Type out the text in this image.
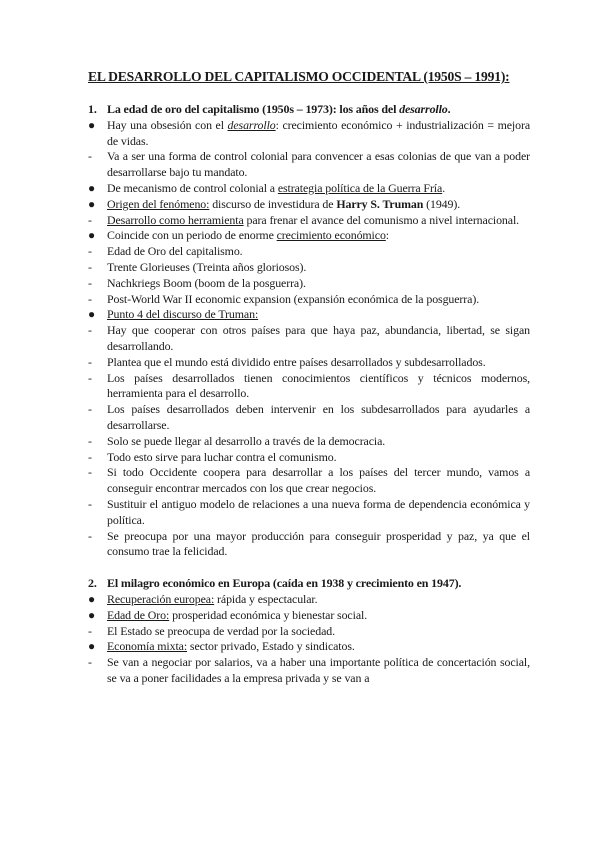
EL DESARROLLO DEL CAPITALISMO OCCIDENTAL (1950S – 1991):
1. La edad de oro del capitalismo (1950s – 1973): los años del desarrollo.
●	Hay una obsesión con el desarrollo: crecimiento económico + industrialización = mejora de vidas.
-	Va a ser una forma de control colonial para convencer a esas colonias de que van a poder desarrollarse bajo tu mandato.
●	De mecanismo de control colonial a estrategia política de la Guerra Fría.
●	Origen del fenómeno: discurso de investidura de Harry S. Truman (1949).
-	Desarrollo como herramienta para frenar el avance del comunismo a nivel internacional.
●	Coincide con un periodo de enorme crecimiento económico:
-	Edad de Oro del capitalismo.
-	Trente Glorieuses (Treinta años gloriosos).
-	Nachkriegs Boom (boom de la posguerra).
-	Post-World War II economic expansion (expansión económica de la posguerra).
●	Punto 4 del discurso de Truman:
-	Hay que cooperar con otros países para que haya paz, abundancia, libertad, se sigan desarrollando.
-	Plantea que el mundo está dividido entre países desarrollados y subdesarrollados.
-	Los países desarrollados tienen conocimientos científicos y técnicos modernos, herramienta para el desarrollo.
-	Los países desarrollados deben intervenir en los subdesarrollados para ayudarles a desarrollarse.
-	Solo se puede llegar al desarrollo a través de la democracia.
-	Todo esto sirve para luchar contra el comunismo.
-	Si todo Occidente coopera para desarrollar a los países del tercer mundo, vamos a conseguir encontrar mercados con los que crear negocios.
-	Sustituir el antiguo modelo de relaciones a una nueva forma de dependencia económica y política.
-	Se preocupa por una mayor producción para conseguir prosperidad y paz, ya que el consumo trae la felicidad.
2. El milagro económico en Europa (caída en 1938 y crecimiento en 1947).
●	Recuperación europea: rápida y espectacular.
●	Edad de Oro: prosperidad económica y bienestar social.
-	El Estado se preocupa de verdad por la sociedad.
●	Economía mixta: sector privado, Estado y sindicatos.
-	Se van a negociar por salarios, va a haber una importante política de concertación social, se va a poner facilidades a la empresa privada y se van a
